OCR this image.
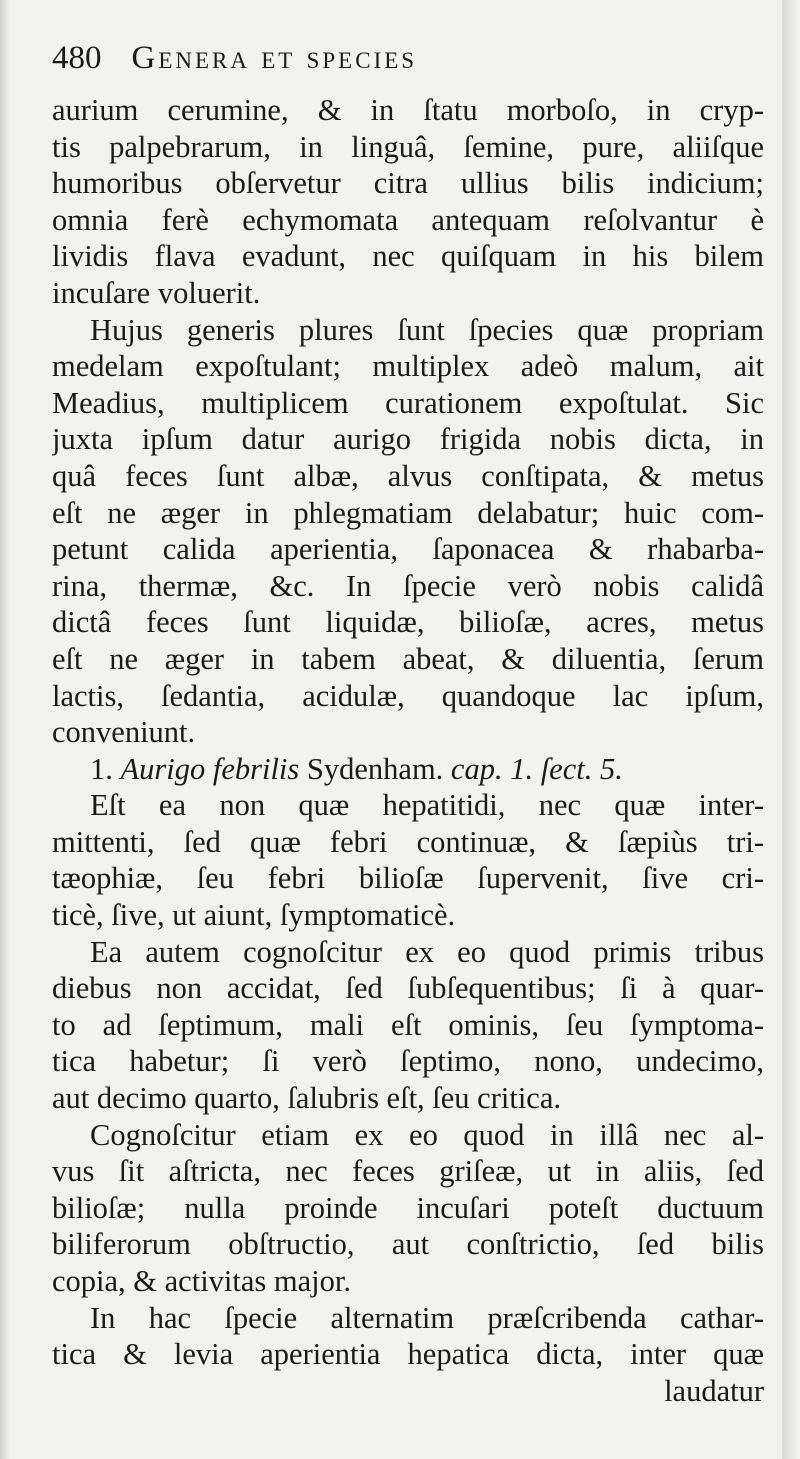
480 Genera et species
aurium cerumine, & in ſtatu morboſo, in cryp-
tis palpebrarum, in linguâ, ſemine, pure, aliiſque
humoribus obſervetur citra ullius bilis indicium;
omnia ferè echymomata antequam reſolvantur è
lividis flava evadunt, nec quiſquam in his bilem
incuſare voluerit.
Hujus generis plures ſunt ſpecies quæ propriam
medelam expoſtulant; multiplex adeò malum, ait
Meadius, multiplicem curationem expoſtulat. Sic
juxta ipſum datur aurigo frigida nobis dicta, in
quâ feces ſunt albæ, alvus conſtipata, & metus
eſt ne æger in phlegmatiam delabatur; huic com-
petunt calida aperientia, ſaponacea & rhabarba-
rina, thermæ, &c. In ſpecie verò nobis calidâ
dictâ feces ſunt liquidæ, bilioſæ, acres, metus
eſt ne æger in tabem abeat, & diluentia, ſerum
lactis, ſedantia, acidulæ, quandoque lac ipſum,
conveniunt.
1. Aurigo febrilis Sydenham. cap. 1. ſect. 5.
Eſt ea non quæ hepatitidi, nec quæ inter-
mittenti, ſed quæ febri continuæ, & ſæpiùs tri-
tæophiæ, ſeu febri bilioſæ ſupervenit, ſive cri-
ticè, ſive, ut aiunt, ſymptomaticè.
Ea autem cognoſcitur ex eo quod primis tribus
diebus non accidat, ſed ſubſequentibus; ſi à quar-
to ad ſeptimum, mali eſt ominis, ſeu ſymptoma-
tica habetur; ſi verò ſeptimo, nono, undecimo,
aut decimo quarto, ſalubris eſt, ſeu critica.
Cognoſcitur etiam ex eo quod in illâ nec al-
vus ſit aſtricta, nec feces griſeæ, ut in aliis, ſed
bilioſæ; nulla proinde incuſari poteſt ductuum
biliferorum obſtructio, aut conſtrictio, ſed bilis
copia, & activitas major.
In hac ſpecie alternatim præſcribenda cathar-
tica & levia aperientia hepatica dicta, inter quæ
laudatur
